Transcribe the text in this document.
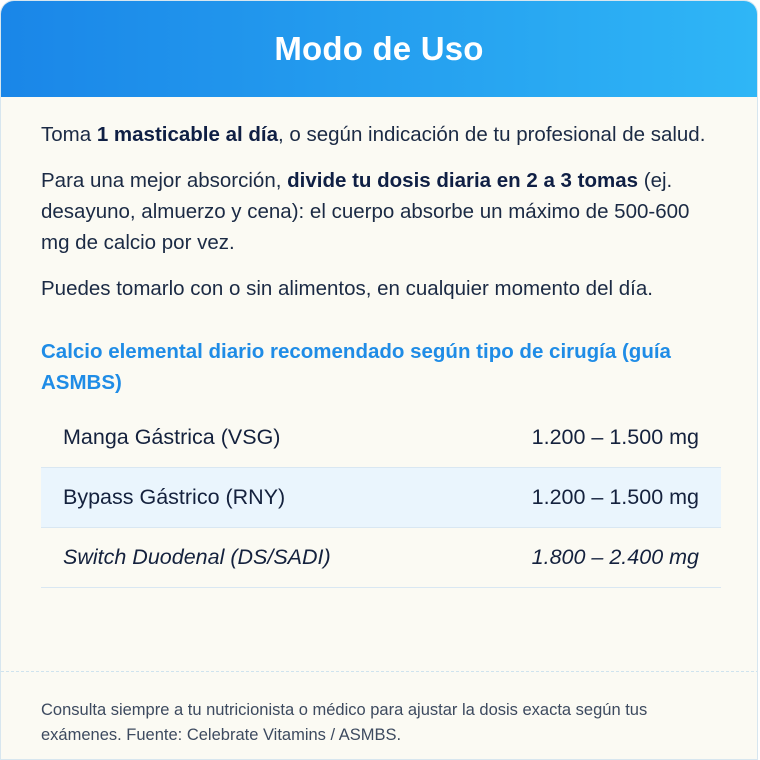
Modo de Uso

Toma 1 masticable al día, o según indicación de tu profesional de salud.

Para una mejor absorción, divide tu dosis diaria en 2 a 3 tomas (ej. desayuno, almuerzo y cena): el cuerpo absorbe un máximo de 500-600 mg de calcio por vez.

Puedes tomarlo con o sin alimentos, en cualquier momento del día.

Calcio elemental diario recomendado según tipo de cirugía (guía ASMBS)
Manga Gástrica (VSG)	1.200 – 1.500 mg
Bypass Gástrico (RNY)	1.200 – 1.500 mg
Switch Duodenal (DS/SADI)	1.800 – 2.400 mg
Consulta siempre a tu nutricionista o médico para ajustar la dosis exacta según tus exámenes. Fuente: Celebrate Vitamins / ASMBS.
